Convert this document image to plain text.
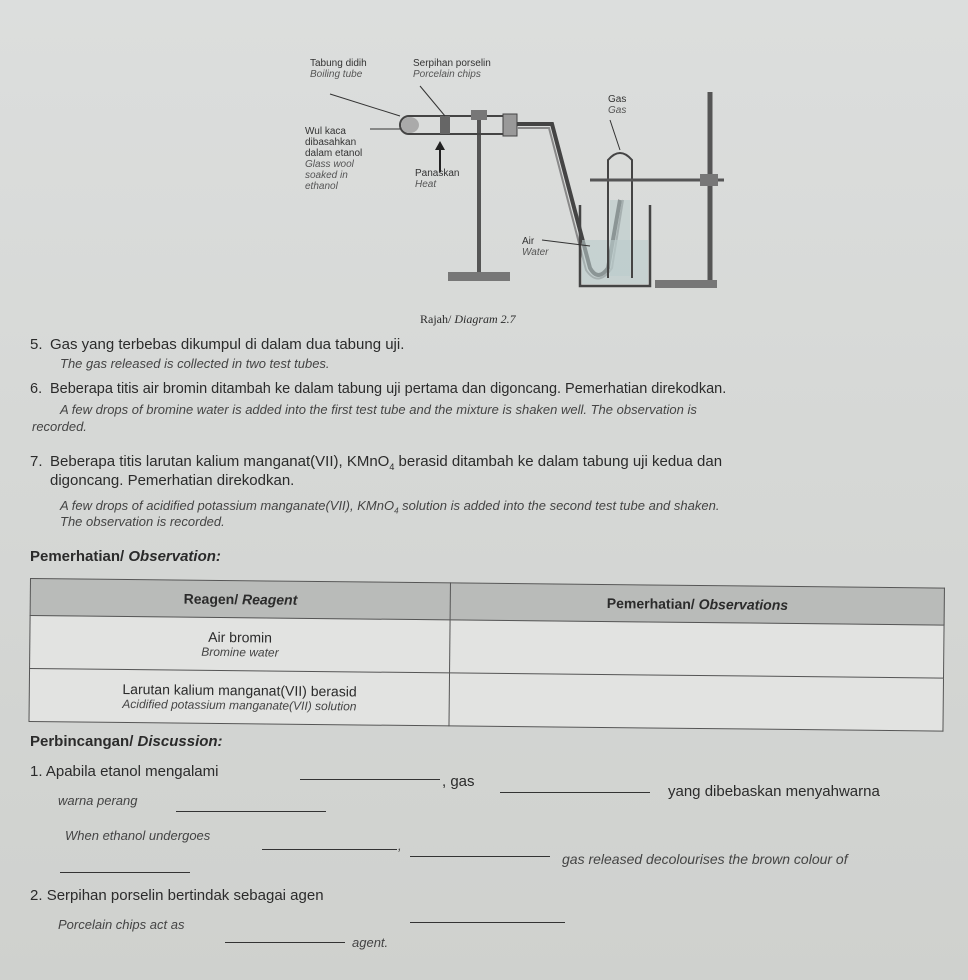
Tabung didih
Boiling tube
Serpihan porselin
Porcelain chips
Gas
Gas
Wul kaca
dibasahkan
dalam etanol
Glass wool
soaked in
ethanol
Panaskan
Heat
Air
Water
Rajah/ Diagram 2.7
5. Gas yang terbebas dikumpul di dalam dua tabung uji.
The gas released is collected in two test tubes.
6. Beberapa titis air bromin ditambah ke dalam tabung uji pertama dan digoncang. Pemerhatian direkodkan.
A few drops of bromine water is added into the first test tube and the mixture is shaken well. The observation is
recorded.
7. Beberapa titis larutan kalium manganat(VII), KMnO$_4$ berasid ditambah ke dalam tabung uji kedua dan
digoncang. Pemerhatian direkodkan.
A few drops of acidified potassium manganate(VII), KMnO$_4$ solution is added into the second test tube and shaken.
The observation is recorded.
Pemerhatian/ Observation:
Reagen/ Reagent	Pemerhatian/ Observations

Air bromin
Bromine water	

Larutan kalium manganat(VII) berasid
Acidified potassium manganate(VII) solution	

Perbincangan/ Discussion:
1. Apabila etanol mengalami
, gas
yang dibebaskan menyahwarna
warna perang
When ethanol undergoes
,
gas released decolourises the brown colour of
2. Serpihan porselin bertindak sebagai agen
Porcelain chips act as
agent.
